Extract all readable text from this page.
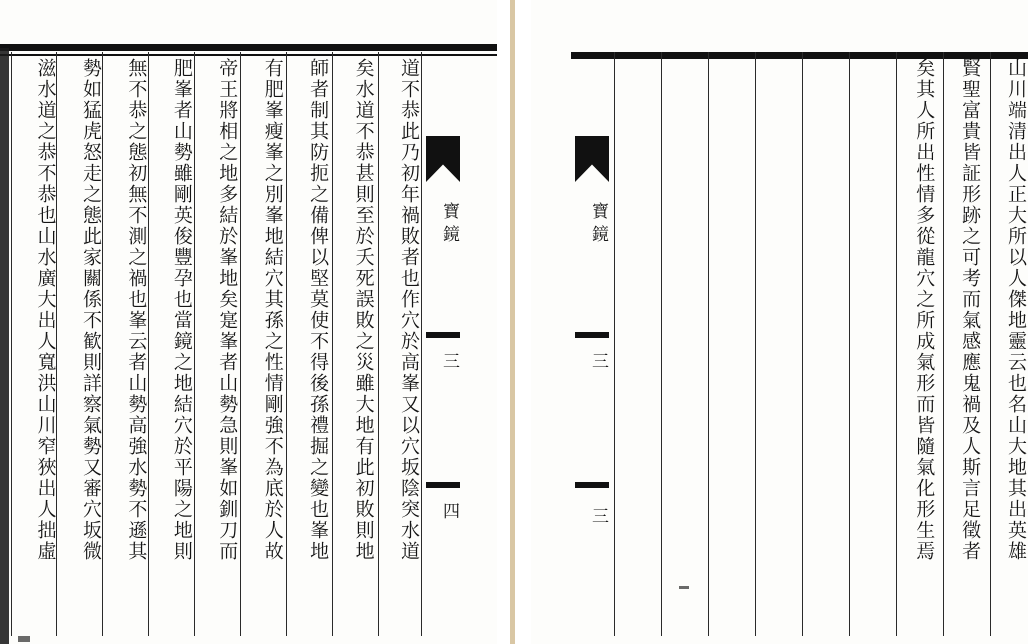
寶鏡
三
四
道不恭此乃初年禍敗者也作穴於高峯又以穴坂陰突水道
矣水道不恭甚則至於夭死誤敗之災雖大地有此初敗則地
師者制其防扼之備俾以堅莫使不得後孫禮掘之變也峯地
有肥峯瘦峯之別峯地結穴其孫之性情剛強不為底於人故
帝王將相之地多結於峯地矣寔峯者山勢急則峯如釧刀而
肥峯者山勢雖剛英俊豐孕也當鏡之地結穴於平陽之地則
無不恭之態初無不測之禍也峯云者山勢高強水勢不遜其
勢如猛虎怒走之態此家關係不歓則詳察氣勢又審穴坂微
滋水道之恭不恭也山水廣大出人寬洪山川窄狹出人拙虛	寶鏡
三
三	山川端清出人正大所以人傑地靈云也名山大地其出英雄
賢聖富貴皆証形跡之可考而氣感應鬼禍及人斯言足徵者
矣其人所出性情多從龍穴之所成氣形而皆隨氣化形生焉
